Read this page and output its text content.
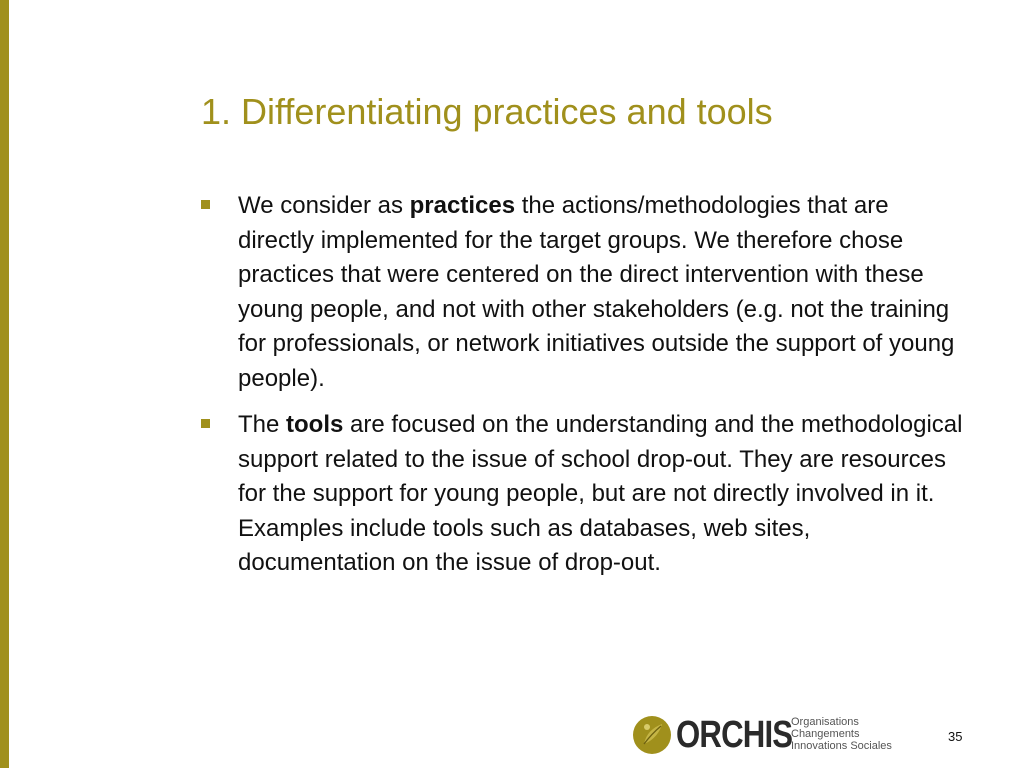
1. Differentiating practices and tools
We consider as practices the actions/methodologies that are directly implemented for the target groups. We therefore chose practices that were centered on the direct intervention with these young people, and not with other stakeholders (e.g. not the training for professionals, or network initiatives outside the support of young people).
The tools are focused on the understanding and the methodological support related to the issue of school drop-out. They are resources for the support for young people, but are not directly involved in it. Examples include tools such as databases, web sites, documentation on the issue of drop-out.
ORCHIS
Organisations
Changements
Innovations Sociales
35
